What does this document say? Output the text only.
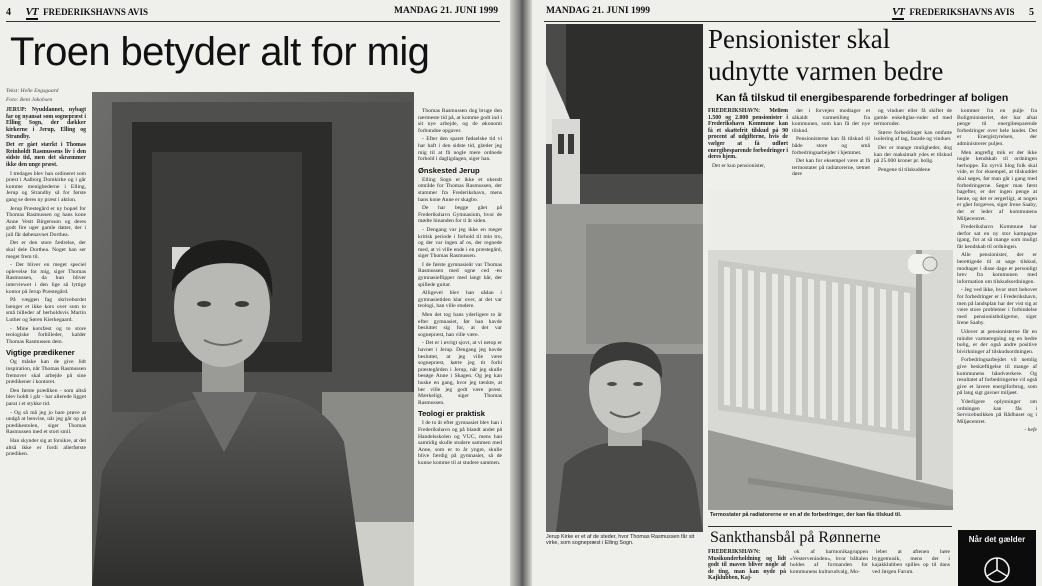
4 VT FREDERIKSHAVNS AVIS	MANDAG 21. JUNI 1999
Troen betyder alt for mig

Tekst: Helle Engsgaard

Foto: Bent Jakobsen

JERUP: Nyuddannet, nybagt far og nyansat som sognepræst i Elling Sogn, der dækker kirkerne i Jerup, Elling og Strandby.

Det er gået stærkt i Thomas Reinholdt Rasmussens liv i den sidste tid, men det skræmmer ikke den unge præst.

I tredages blev han ordineret som præst i Aalborg Domkirke og i går komme menighederne i Elling, Jerup og Strandby så for første gang se deres ny præst i aktion.

Jerup Præstegård er ny bopæl for Thomas Rasmussen og hans kone Anne Vestt Birgersson og deres godt fire uger gamle datter, der i juli får døbenavnet Dorthea.

Det er den store fædrelse, der skal dele Dorthea. Noget han ser meget frem til.

- Det bliver en meget speciel oplevelse for mig, siger Thomas Rasmussen, da hun bliver interviewet i den lige så lyttige kontor på Jerup Præstegård.

På væggen fag skrivebordet bænger et ikke kors over som to små billeder af herholdsvis Martin Luther og Søren Kierkegaard.

- Mine korsfæst og to store teologiske forbilleder, kalder Thomas Rasmussen dem.

Vigtige prædikener

Og måske kan de give lidt inspiration, når Thomas Rasmussen fremover skal arbejde på sine prædikener i kontoret.

Den første prædiken - som altså blev holdt i går - har allerede ligget parat i et stykke tid.

- Og så må jeg jo bare prøve at undgå at benvise, når jeg går op på prædikestolen, siger Thomas Rasmussen med et stort smil.

Han skynder sig at forsikre, at det altså ikke er fordi allerførste prædiken.

Thomas Rasmussen dog bruge den nærmeste tid på, at komme godt ind i sit nye arbejde, og de økonomi forbundne opgaver.

- Efter den sparet fødselske tid vi har haft i den sidste tid, glæder jeg mig til at få nogle mere ordnede forhold i dagligdagen, siger han.

Ønskested Jerup

Elling Sogn er ikke et ukendt område for Thomas Rasmussen, der stammer fra Frederikshavn, mens hans kone Anne er skagbo.

De har begge gået på Frederikshavn Gymnasium, hvor de mødte hinanden for ti år siden.

- Dengang var jeg ikke en meget kritisk periode i forhold til min tro, og der var ingen af os, der regnede med, at vi ville ende i en præstegård, siger Thomas Rasmussen.

I de første gymnasieår var Thomas Rasmussen med ogne ced -en gymnasieflipper med langt hår, der spillede guitar.

Alligevel blev han sådan i gymnasietiden klar over, at det var teologi, han ville studere.

Men det tog hans yderligere to år efter gymnasiet, før han havde besluttet sig for, at det var sognepræst, han ville være.

- Det er i øvrigt sjovt, at vi netop er havnet i Jerup. Dengang jeg havde besluttet, at jeg ville være sognepræst, kørte jeg tit forbi præstegården i Jerup, når jeg skulle besøge Anne i Skagen. Og jeg kan huske en gang, hvor jeg tænkte, at her ville jeg godt være præst. Mærkeligt, siger Thomas Rasmussen.

Teologi er praktisk

I de to år efter gymnasiet blev han i Frederikshavn og på blandt andet på Handelsskolen og VUC, mens han samtidig skulle studere sammen med Anne, som er to år yngre, skulle blive færdig på gymnasiet, så de kunne komme til at studere sammen.

MANDAG 21. JUNI 1999	VT FREDERIKSHAVNS AVIS 5
Jerup Kirke er et af de steder, hvor Thomas Rasmussen får sit virke, som sognepræst i Elling Sogn.
Pensionister skal
udnytte varmen bedre
Kan få tilskud til energibesparende forbedringer af boligen

FREDERIKSHAVN: Mellem 1.500 og 2.000 pensionister i Frederikshavn Kommune kan få et skattefrit tilskud på 90 procent af udgifterne, hvis de vælger at få udført energibesparende forbedringer i deres hjem.

Det er kun pensionister,

der i forvejen modtager et såkaldt varmetillæg fra kommunen, som kan få det nye tilskud.

Pensionisterne kan få tilskud til både store og små forbedringsarbejder i hjemmet.

Det kan for eksempel være at få termostater på radiatorerne, tætnet døre

og vinduer eller få skiftet de gamle enkeltglas-ruder ud med termoruder.

Større forbedringer kan omfatte isolering af tag, facade og vinduer.

Der er mange muligheder, dog kan der maksimalt ydes et tilskud på 25.000 kroner pr. bolig.

Pengene til tilskuddene

kommer fra en pulje fra Boligministeriet, der har afsat penge til energibesparende forbedringer over hele landet. Det er Energistyrelsen, der administrerer puljen.

Men angreflg mik er der ikke nogle kendskab til ordningen herhoppe. En syrvii blog folk skal vide, er for eksempel, at tilskuddet skal søges, før man går i gang med forbedringerne. Søger man først bagefter, er der ingen penge at hente, og det er ærgerligt, at nogen er gået forgæves, siger Irene Saaby, der er leder af kommunens Miljøcentret.

Frederikshavn Kommune har derfor sat en ny stor kampagne igang, for at så mange som muligt får kendskab til ordningen.

Alle pensionister, der er berettigede til at søge tilskud, modtager i disse dage et personligt brev fra kommunen med information om tilskudsordningen.

- Jeg ved ikke, hvor stort behovet for forbedringer er i Frederikshavn, men på landsplan har der vist sig at være store problemer i forbindelse med pensionistboligerne, siger Irene Saaby.

Udover at pensionisterne får en mindre varmeregning og en bedre bolig, er der også andre positive bivirkninger af tilskudsordningen.

Forbedringsarbejdet vil nemlig give beskæftigelse til mange af kommunens håndværkere. Og resultatet af forbedringerne vil også give et lavere energiforbrug, som på lang sigt gavner miljøet.

Yderligere oplysninger om ordningen kan fås i Servicebutikken på Rådhuset og i Miljøcentret.

- hefe

Termostater på radiatorerne er en af de forbedringer, der kan fås tilskud til.
Sankthansbål på Rønnerne

FREDERIKSHAVN: Musikunderholdning og lidt godt til maven bliver nogle af de ting, man kan nyde på Kajklubben, Kaj-

ok af harmonikagruppen »Vesterveninden«, hvor båltalen holdes af formanden for kommunens kulturudvalg, Mo-

lebet at aftenen høre byggemusik, mens der i kajakklubben spilles op til dans ved Jørgen Farum.

Når det gælder
